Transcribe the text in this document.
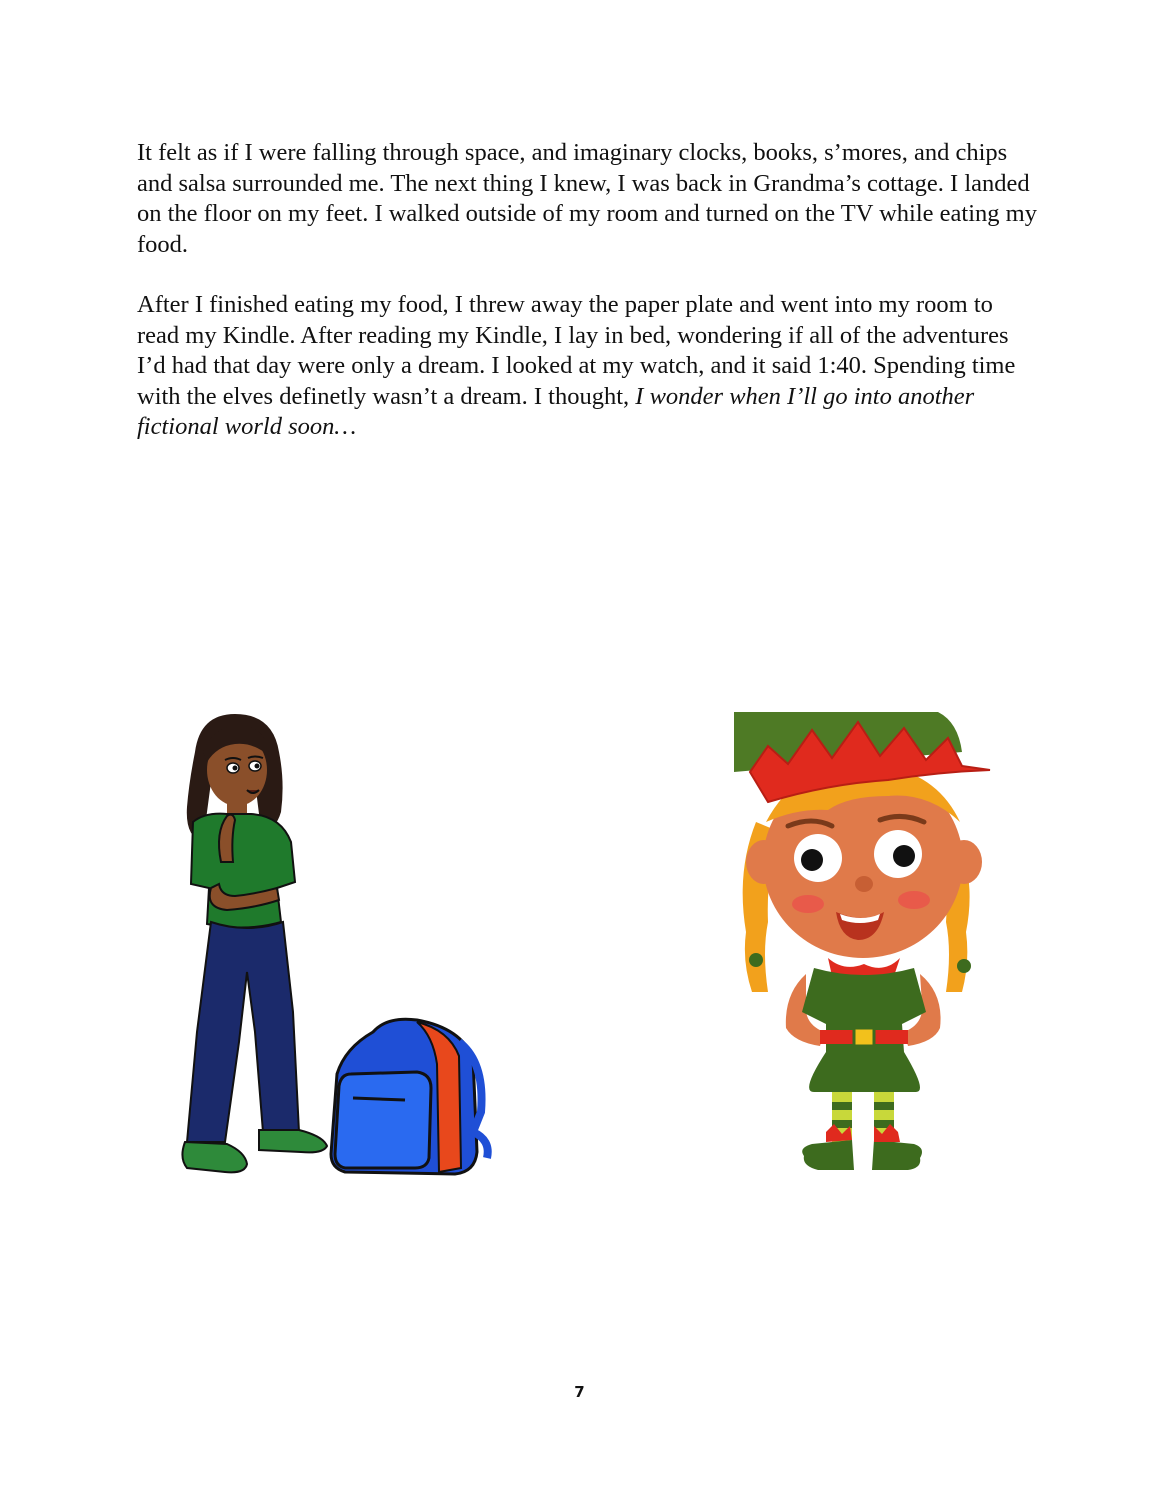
It felt as if I were falling through space, and imaginary clocks, books, s’mores, and chips and salsa surrounded me. The next thing I knew, I was back in Grandma’s cottage. I landed on the floor on my feet. I walked outside of my room and turned on the TV while eating my food.

After I finished eating my food, I threw away the paper plate and went into my room to read my Kindle. After reading my Kindle, I lay in bed, wondering if all of the adventures I’d had that day were only a dream. I looked at my watch, and it said 1:40. Spending time with the elves definetly wasn’t a dream. I thought, I wonder when I’ll go into another fictional world soon…

7
